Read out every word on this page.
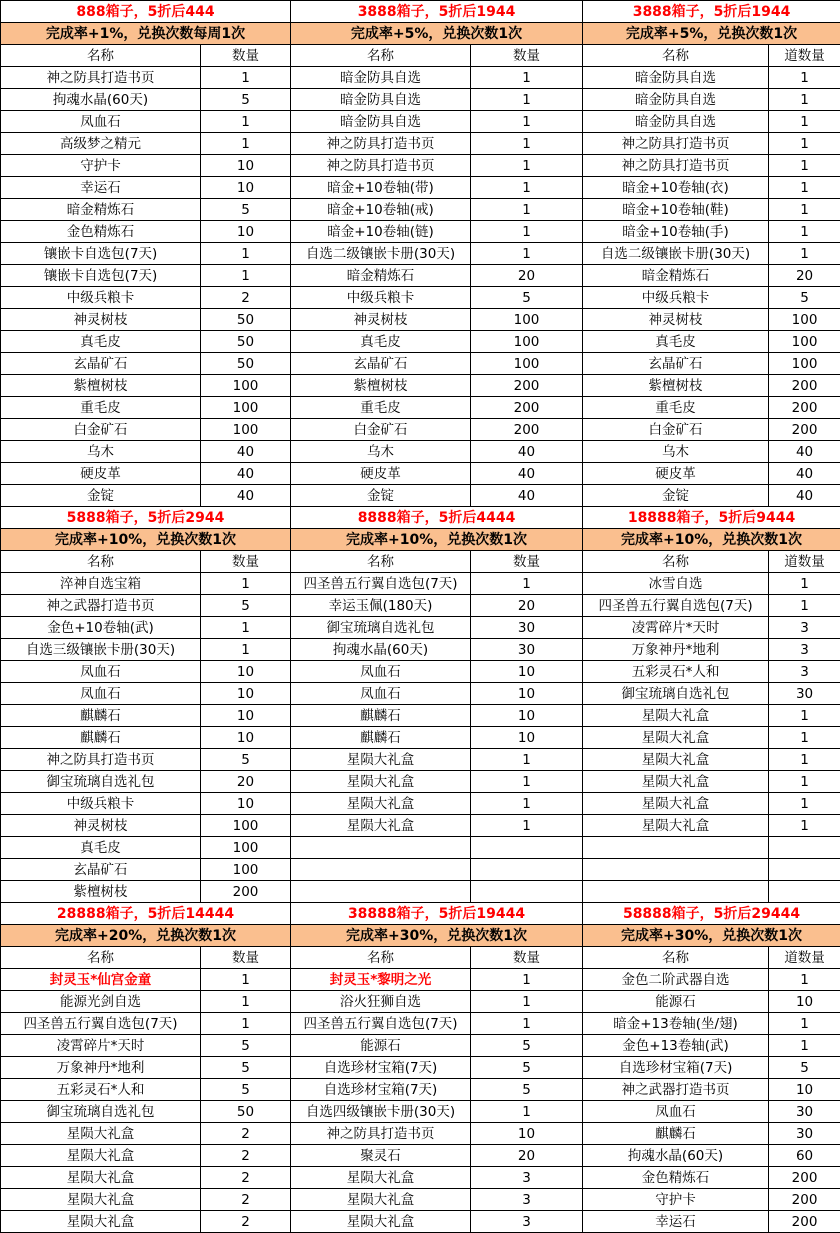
888箱子，5折后444		3888箱子，5折后1944		3888箱子，5折后1944	
完成率+1%，兑换次数每周1次		完成率+5%，兑换次数1次		完成率+5%，兑换次数1次	
名称	数量	名称	数量	名称	道数量
神之防具打造书页	1	暗金防具自选	1	暗金防具自选	1
拘魂水晶(60天)	5	暗金防具自选	1	暗金防具自选	1
凤血石	1	暗金防具自选	1	暗金防具自选	1
高级梦之精元	1	神之防具打造书页	1	神之防具打造书页	1
守护卡	10	神之防具打造书页	1	神之防具打造书页	1
幸运石	10	暗金+10卷轴(带)	1	暗金+10卷轴(衣)	1
暗金精炼石	5	暗金+10卷轴(戒)	1	暗金+10卷轴(鞋)	1
金色精炼石	10	暗金+10卷轴(链)	1	暗金+10卷轴(手)	1
镶嵌卡自选包(7天)	1	自选二级镶嵌卡册(30天)	1	自选二级镶嵌卡册(30天)	1
镶嵌卡自选包(7天)	1	暗金精炼石	20	暗金精炼石	20
中级兵粮卡	2	中级兵粮卡	5	中级兵粮卡	5
神灵树枝	50	神灵树枝	100	神灵树枝	100
真毛皮	50	真毛皮	100	真毛皮	100
玄晶矿石	50	玄晶矿石	100	玄晶矿石	100
紫檀树枝	100	紫檀树枝	200	紫檀树枝	200
重毛皮	100	重毛皮	200	重毛皮	200
白金矿石	100	白金矿石	200	白金矿石	200
乌木	40	乌木	40	乌木	40
硬皮革	40	硬皮革	40	硬皮革	40
金锭	40	金锭	40	金锭	40
5888箱子，5折后2944		8888箱子，5折后4444		18888箱子，5折后9444	
完成率+10%，兑换次数1次		完成率+10%，兑换次数1次		完成率+10%，兑换次数1次	
名称	数量	名称	数量	名称	道数量
淬神自选宝箱	1	四圣兽五行翼自选包(7天)	1	冰雪自选	1
神之武器打造书页	5	幸运玉佩(180天)	20	四圣兽五行翼自选包(7天)	1
金色+10卷轴(武)	1	御宝琉璃自选礼包	30	凌霄碎片*天时	3
自选三级镶嵌卡册(30天)	1	拘魂水晶(60天)	30	万象神丹*地利	3
凤血石	10	凤血石	10	五彩灵石*人和	3
凤血石	10	凤血石	10	御宝琉璃自选礼包	30
麒麟石	10	麒麟石	10	星陨大礼盒	1
麒麟石	10	麒麟石	10	星陨大礼盒	1
神之防具打造书页	5	星陨大礼盒	1	星陨大礼盒	1
御宝琉璃自选礼包	20	星陨大礼盒	1	星陨大礼盒	1
中级兵粮卡	10	星陨大礼盒	1	星陨大礼盒	1
神灵树枝	100	星陨大礼盒	1	星陨大礼盒	1
真毛皮	100				
玄晶矿石	100				
紫檀树枝	200				
28888箱子，5折后14444		38888箱子，5折后19444		58888箱子，5折后29444	
完成率+20%，兑换次数1次		完成率+30%，兑换次数1次		完成率+30%，兑换次数1次	
名称	数量	名称	数量	名称	道数量
封灵玉*仙宫金童	1	封灵玉*黎明之光	1	金色二阶武器自选	1
能源光剑自选	1	浴火狂狮自选	1	能源石	10
四圣兽五行翼自选包(7天)	1	四圣兽五行翼自选包(7天)	1	暗金+13卷轴(坐/翅)	1
凌霄碎片*天时	5	能源石	5	金色+13卷轴(武)	1
万象神丹*地利	5	自选珍材宝箱(7天)	5	自选珍材宝箱(7天)	5
五彩灵石*人和	5	自选珍材宝箱(7天)	5	神之武器打造书页	10
御宝琉璃自选礼包	50	自选四级镶嵌卡册(30天)	1	凤血石	30
星陨大礼盒	2	神之防具打造书页	10	麒麟石	30
星陨大礼盒	2	聚灵石	20	拘魂水晶(60天)	60
星陨大礼盒	2	星陨大礼盒	3	金色精炼石	200
星陨大礼盒	2	星陨大礼盒	3	守护卡	200
星陨大礼盒	2	星陨大礼盒	3	幸运石	200
